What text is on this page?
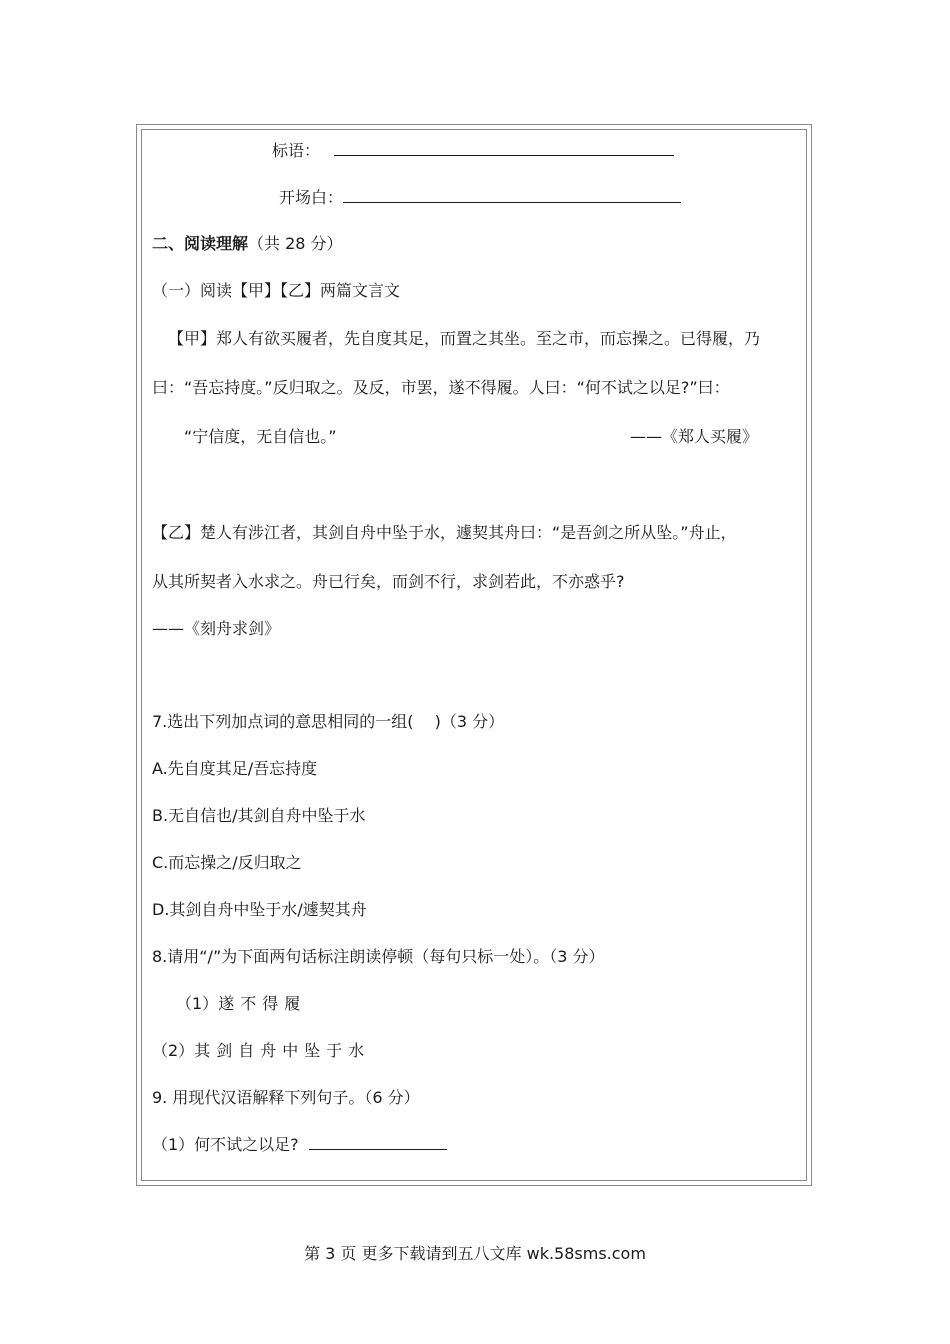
标语：
开场白：
二、阅读理解（共 28 分）
（一）阅读【甲】【乙】两篇文言文
【甲】郑人有欲买履者，先自度其足，而置之其坐。至之市，而忘操之。已得履，乃
曰：“吾忘持度。”反归取之。及反，市罢，遂不得履。人曰：“何不试之以足?”曰：
“宁信度，无自信也。”	——《郑人买履》
【乙】楚人有涉江者，其剑自舟中坠于水，遽契其舟曰：“是吾剑之所从坠。”舟止，
从其所契者入水求之。舟已行矣，而剑不行，求剑若此，不亦惑乎?
——《刻舟求剑》
7.选出下列加点词的意思相同的一组(　 )（3 分）
A.先自度其足/吾忘持度
B.无自信也/其剑自舟中坠于水
C.而忘操之/反归取之
D.其剑自舟中坠于水/遽契其舟
8.请用“/”为下面两句话标注朗读停顿（每句只标一处）。（3 分）
（1）遂不得履
（2）其剑自舟中坠于水
9. 用现代汉语解释下列句子。（6 分）
（1）何不试之以足?
第 3 页 更多下载请到五八文库 wk.58sms.com
